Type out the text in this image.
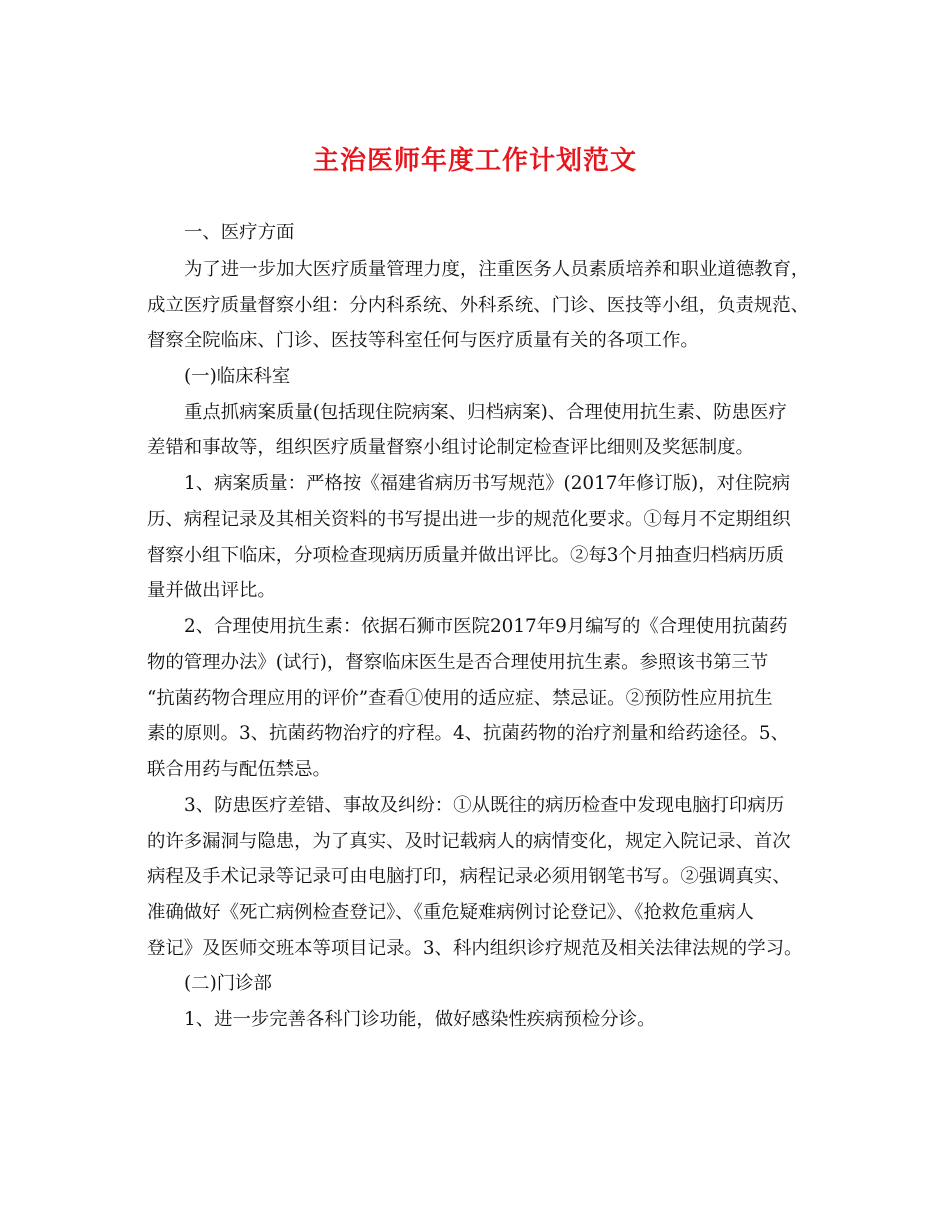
主治医师年度工作计划范文
一、医疗方面
为了进一步加大医疗质量管理力度，注重医务人员素质培养和职业道德教育，
成立医疗质量督察小组：分内科系统、外科系统、门诊、医技等小组，负责规范、
督察全院临床、门诊、医技等科室任何与医疗质量有关的各项工作。
(一)临床科室
重点抓病案质量(包括现住院病案、归档病案)、合理使用抗生素、防患医疗
差错和事故等，组织医疗质量督察小组讨论制定检查评比细则及奖惩制度。
1、病案质量：严格按《福建省病历书写规范》(2017年修订版)，对住院病
历、病程记录及其相关资料的书写提出进一步的规范化要求。①每月不定期组织
督察小组下临床，分项检查现病历质量并做出评比。②每3个月抽查归档病历质
量并做出评比。
2、合理使用抗生素：依据石狮市医院2017年9月编写的《合理使用抗菌药
物的管理办法》(试行)，督察临床医生是否合理使用抗生素。参照该书第三节
“抗菌药物合理应用的评价”查看①使用的适应症、禁忌证。②预防性应用抗生
素的原则。3、抗菌药物治疗的疗程。4、抗菌药物的治疗剂量和给药途径。5、
联合用药与配伍禁忌。
3、防患医疗差错、事故及纠纷：①从既往的病历检查中发现电脑打印病历
的许多漏洞与隐患，为了真实、及时记载病人的病情变化，规定入院记录、首次
病程及手术记录等记录可由电脑打印，病程记录必须用钢笔书写。②强调真实、
准确做好《死亡病例检查登记》、《重危疑难病例讨论登记》、《抢救危重病人
登记》及医师交班本等项目记录。3、科内组织诊疗规范及相关法律法规的学习。
(二)门诊部
1、进一步完善各科门诊功能，做好感染性疾病预检分诊。
